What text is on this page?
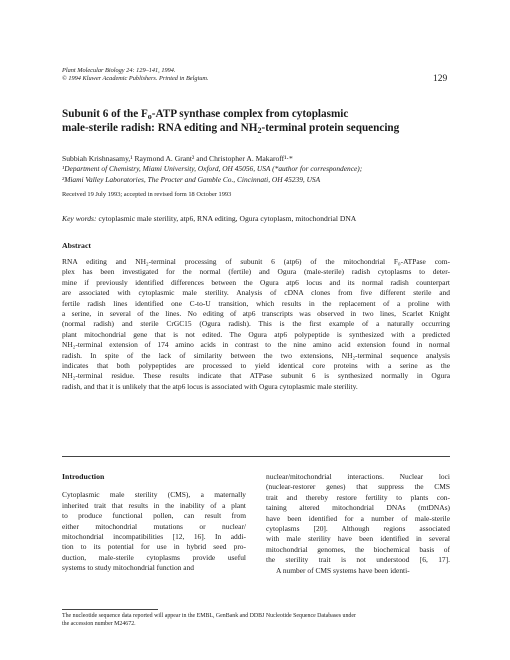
Plant Molecular Biology 24: 129–141, 1994.
© 1994 Kluwer Academic Publishers. Printed in Belgium.	129
Subunit 6 of the $F_o$-ATP synthase complex from cytoplasmic
male-sterile radish: RNA editing and $NH_2$-terminal protein sequencing
Subbiah Krishnasamy,¹ Raymond A. Grant² and Christopher A. Makaroff¹·*
¹Department of Chemistry, Miami University, Oxford, OH 45056, USA (*author for correspondence);
²Miami Valley Laboratories, The Procter and Gamble Co., Cincinnati, OH 45239, USA
Received 19 July 1993; accepted in revised form 18 October 1993
Key words: cytoplasmic male sterility, atp6, RNA editing, Ogura cytoplasm, mitochondrial DNA
Abstract

RNA editing and NH₂-terminal processing of subunit 6 (atp6) of the mitochondrial F₀-ATPase com-
plex has been investigated for the normal (fertile) and Ogura (male-sterile) radish cytoplasms to deter-
mine if previously identified differences between the Ogura atp6 locus and its normal radish counterpart
are associated with cytoplasmic male sterility. Analysis of cDNA clones from five different sterile and
fertile radish lines identified one C-to-U transition, which results in the replacement of a proline with
a serine, in several of the lines. No editing of atp6 transcripts was observed in two lines, Scarlet Knight
(normal radish) and sterile CrGC15 (Ogura radish). This is the first example of a naturally occurring
plant mitochondrial gene that is not edited. The Ogura atp6 polypeptide is synthesized with a predicted
NH₂-terminal extension of 174 amino acids in contrast to the nine amino acid extension found in normal
radish. In spite of the lack of similarity between the two extensions, NH₂-terminal sequence analysis
indicates that both polypeptides are processed to yield identical core proteins with a serine as the
NH₂-terminal residue. These results indicate that ATPase subunit 6 is synthesized normally in Ogura
radish, and that it is unlikely that the atp6 locus is associated with Ogura cytoplasmic male sterility.

Introduction

Cytoplasmic male sterility (CMS), a maternally
inherited trait that results in the inability of a plant
to produce functional pollen, can result from
either mitochondrial mutations or nuclear/
mitochondrial incompatibilities [12, 16]. In addi-
tion to its potential for use in hybrid seed pro-
duction, male-sterile cytoplasms provide useful
systems to study mitochondrial function and

nuclear/mitochondrial interactions. Nuclear loci
(nuclear-restorer genes) that suppress the CMS
trait and thereby restore fertility to plants con-
taining altered mitochondrial DNAs (mtDNAs)
have been identified for a number of male-sterile
cytoplasms [20]. Although regions associated
with male sterility have been identified in several
mitochondrial genomes, the biochemical basis of
the sterility trait is not understood [6, 17].
A number of CMS systems have been identi-

The nucleotide sequence data reported will appear in the EMBL, GenBank and DDBJ Nucleotide Sequence Databases under
the accession number M24672.
